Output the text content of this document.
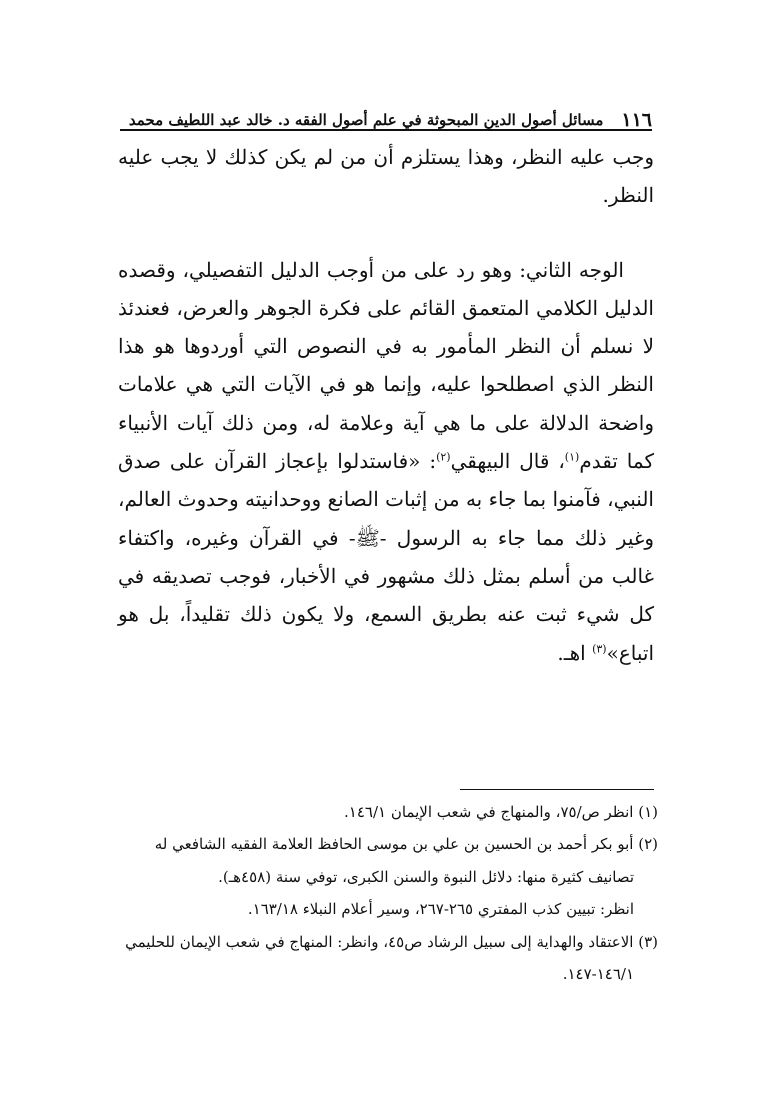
١١٦
مسائل أصول الدين المبحوثة في علم أصول الفقه د. خالد عبد اللطيف محمد

وجب عليه النظر، وهذا يستلزم أن من لم يكن كذلك لا يجب عليه النظر.

الوجه الثاني: وهو رد على من أوجب الدليل التفصيلي، وقصده الدليل الكلامي المتعمق القائم على فكرة الجوهر والعرض، فعندئذ لا نسلم أن النظر المأمور به في النصوص التي أوردوها هو هذا النظر الذي اصطلحوا عليه، وإنما هو في الآيات التي هي علامات واضحة الدلالة على ما هي آية وعلامة له، ومن ذلك آيات الأنبياء كما تقدم$^{(١)}$، قال البيهقي$^{(٢)}$: «فاستدلوا بإعجاز القرآن على صدق النبي، فآمنوا بما جاء به من إثبات الصانع ووحدانيته وحدوث العالم، وغير ذلك مما جاء به الرسول -ﷺ- في القرآن وغيره، واكتفاء غالب من أسلم بمثل ذلك مشهور في الأخبار، فوجب تصديقه في كل شيء ثبت عنه بطريق السمع، ولا يكون ذلك تقليداً، بل هو اتباع»$^{(٣)}$ اهـ.

(١) انظر ص/٧٥، والمنهاج في شعب الإيمان ١٤٦/١.

(٢) أبو بكر أحمد بن الحسين بن علي بن موسى الحافظ العلامة الفقيه الشافعي له

تصانيف كثيرة منها: دلائل النبوة والسنن الكبرى، توفي سنة (٤٥٨هـ).

انظر: تبيين كذب المفتري ٢٦٥-٢٦٧، وسير أعلام النبلاء ١٦٣/١٨.

(٣) الاعتقاد والهداية إلى سبيل الرشاد ص٤٥، وانظر: المنهاج في شعب الإيمان للحليمي

١٤٦/١-١٤٧.
